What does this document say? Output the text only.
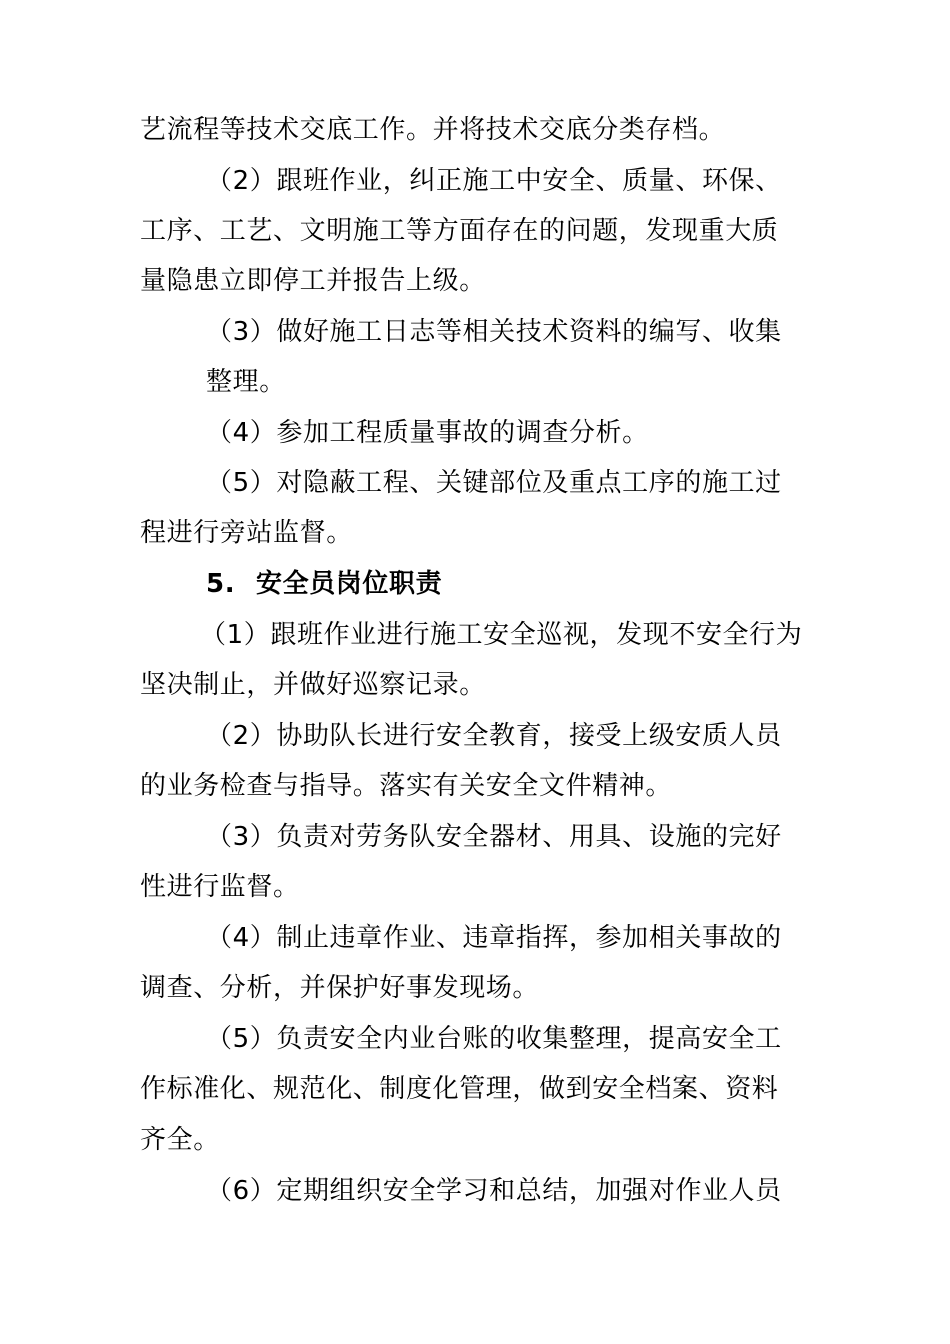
艺流程等技术交底工作。并将技术交底分类存档。
（2）跟班作业，纠正施工中安全、质量、环保、
工序、工艺、文明施工等方面存在的问题，发现重大质
量隐患立即停工并报告上级。
（3）做好施工日志等相关技术资料的编写、收集
整理。
（4）参加工程质量事故的调查分析。
（5）对隐蔽工程、关键部位及重点工序的施工过
程进行旁站监督。
5. 安全员岗位职责
（1）跟班作业进行施工安全巡视，发现不安全行为
坚决制止，并做好巡察记录。
（2）协助队长进行安全教育，接受上级安质人员
的业务检查与指导。落实有关安全文件精神。
（3）负责对劳务队安全器材、用具、设施的完好
性进行监督。
（4）制止违章作业、违章指挥，参加相关事故的
调查、分析，并保护好事发现场。
（5）负责安全内业台账的收集整理，提高安全工
作标准化、规范化、制度化管理，做到安全档案、资料
齐全。
（6）定期组织安全学习和总结，加强对作业人员
